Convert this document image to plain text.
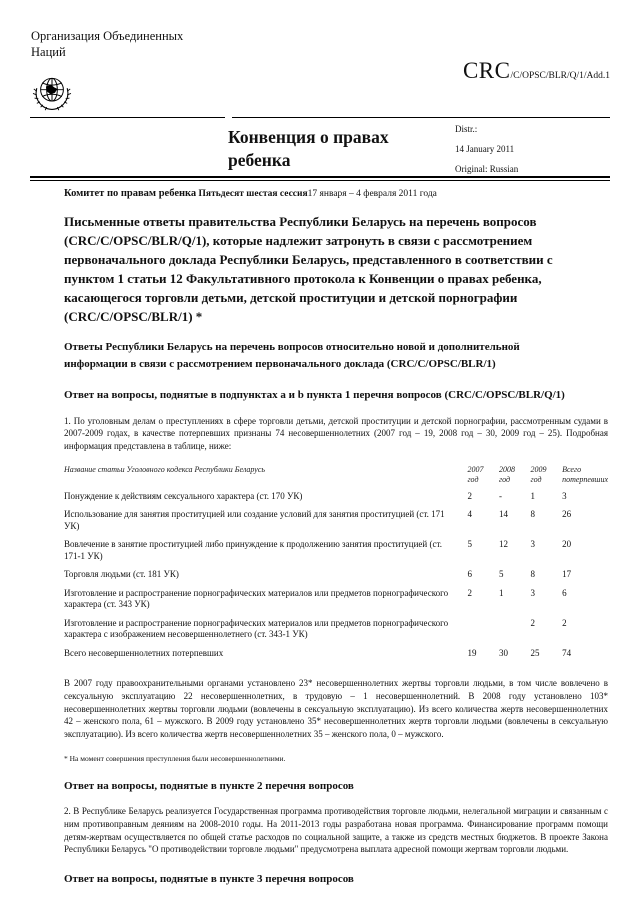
Организация Объединенных
Наций
CRC/C/OPSC/BLR/Q/1/Add.1
Конвенция о правах ребенка
Distr.:
14 January 2011
Original: Russian
Комитет по правам ребенка Пятьдесят шестая сессия17 января – 4 февраля 2011 года
Письменные ответы правительства Республики Беларусь на перечень вопросов (CRC/C/OPSC/BLR/Q/1), которые надлежит затронуть в связи с рассмотрением первоначального доклада Республики Беларусь, представленного в соответствии с пунктом 1 статьи 12 Факультативного протокола к Конвенции о правах ребенка, касающегося торговли детьми, детской проституции и детской порнографии (CRC/C/OPSC/BLR/1) *
Ответы Республики Беларусь на перечень вопросов относительно новой и дополнительной информации в связи с рассмотрением первоначального доклада (CRC/C/OPSC/BLR/1)
Ответ на вопросы, поднятые в подпунктах a и b пункта 1 перечня вопросов (CRC/C/OPSC/BLR/Q/1)
1. По уголовным делам о преступлениях в сфере торговли детьми, детской проституции и детской порнографии, рассмотренным судами в 2007-2009 годах, в качестве потерпевших признаны 74 несовершеннолетних (2007 год – 19, 2008 год – 30, 2009 год – 25). Подробная информация представлена в таблице, ниже:
Название статьи Уголовного кодекса Республики Беларусь	2007 год	2008 год	2009 год	Всего потерпевших
Понуждение к действиям сексуального характера (ст. 170 УК)	2	-	1	3
Использование для занятия проституцией или создание условий для занятия проституцией (ст. 171 УК)	4	14	8	26
Вовлечение в занятие проституцией либо принуждение к продолжению занятия проституцией (ст. 171-1 УК)	5	12	3	20
Торговля людьми (ст. 181 УК)	6	5	8	17
Изготовление и распространение порнографических материалов или предметов порнографического характера (ст. 343 УК)	2	1	3	6
Изготовление и распространение порнографических материалов или предметов порнографического характера с изображением несовершеннолетнего (ст. 343-1 УК)			2	2
Всего несовершеннолетних потерпевших	19	30	25	74
В 2007 году правоохранительными органами установлено 23* несовершеннолетних жертвы торговли людьми, в том числе вовлечено в сексуальную эксплуатацию 22 несовершеннолетних, в трудовую – 1 несовершеннолетний. В 2008 году установлено 103* несовершеннолетних жертвы торговли людьми (вовлечены в сексуальную эксплуатацию). Из всего количества жертв несовершеннолетних 42 – женского пола, 61 – мужского. В 2009 году установлено 35* несовершеннолетних жертв торговли людьми (вовлечены в сексуальную эксплуатацию). Из всего количества жертв несовершеннолетних 35 – женского пола, 0 – мужского.
* На момент совершения преступления были несовершеннолетними.
Ответ на вопросы, поднятые в пункте 2 перечня вопросов
2. В Республике Беларусь реализуется Государственная программа противодействия торговле людьми, нелегальной миграции и связанным с ним противоправным деяниям на 2008-2010 годы. На 2011-2013 годы разработана новая программа. Финансирование программ помощи детям-жертвам осуществляется по общей статье расходов по социальной защите, а также из средств местных бюджетов. В проекте Закона Республики Беларусь "О противодействии торговле людьми" предусмотрена выплата адресной помощи жертвам торговли людьми.
Ответ на вопросы, поднятые в пункте 3 перечня вопросов
